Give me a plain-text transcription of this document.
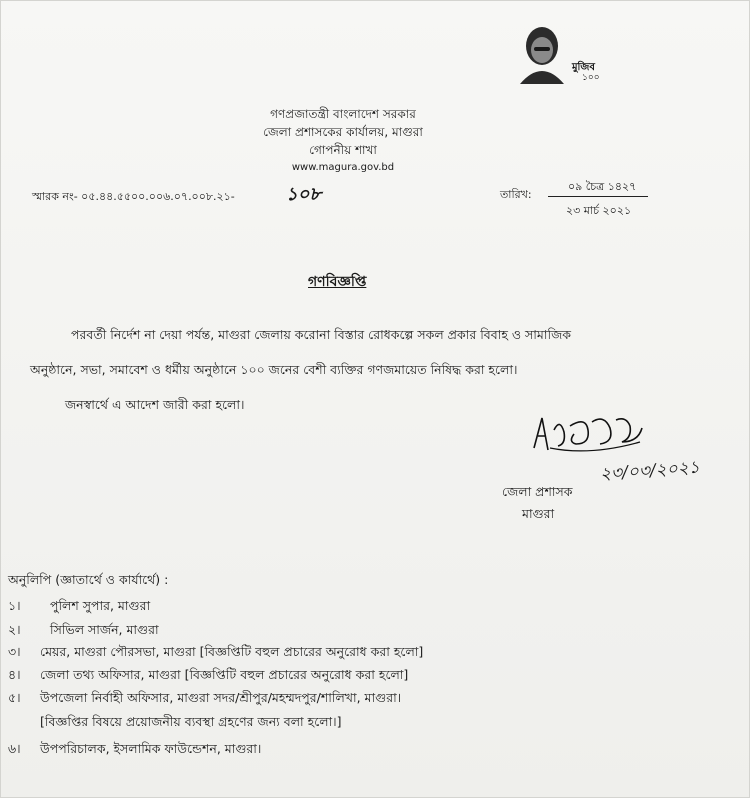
মুজিব
১০০
গণপ্রজাতন্ত্রী বাংলাদেশ সরকার
জেলা প্রশাসকের কার্যালয়, মাগুরা
গোপনীয় শাখা
www.magura.gov.bd
স্মারক নং- ০৫.৪৪.৫৫০০.০০৬.০৭.০০৮.২১-	১০৮	তারিখ:
০৯ চৈত্র ১৪২৭
২৩ মার্চ ২০২১
গণবিজ্ঞপ্তি
পরবর্তী নির্দেশ না দেয়া পর্যন্ত, মাগুরা জেলায় করোনা বিস্তার রোধকল্পে সকল প্রকার বিবাহ ও সামাজিক
অনুষ্ঠানে, সভা, সমাবেশ ও ধর্মীয় অনুষ্ঠানে ১০০ জনের বেশী ব্যক্তির গণজমায়েত নিষিদ্ধ করা হলো।
জনস্বার্থে এ আদেশ জারী করা হলো।
২৩/০৩/২০২১
জেলা প্রশাসক
মাগুরা
অনুলিপি (জ্ঞাতার্থে ও কার্যার্থে) :
১। পুলিশ সুপার, মাগুরা
২। সিভিল সার্জন, মাগুরা
৩। মেয়র, মাগুরা পৌরসভা, মাগুরা [বিজ্ঞপ্তিটি বহুল প্রচারের অনুরোধ করা হলো]
৪। জেলা তথ্য অফিসার, মাগুরা [বিজ্ঞপ্তিটি বহুল প্রচারের অনুরোধ করা হলো]
৫। উপজেলা নির্বাহী অফিসার, মাগুরা সদর/শ্রীপুর/মহম্মদপুর/শালিখা, মাগুরা।
[বিজ্ঞপ্তির বিষয়ে প্রয়োজনীয় ব্যবস্থা গ্রহণের জন্য বলা হলো।]
৬। উপপরিচালক, ইসলামিক ফাউন্ডেশন, মাগুরা।
